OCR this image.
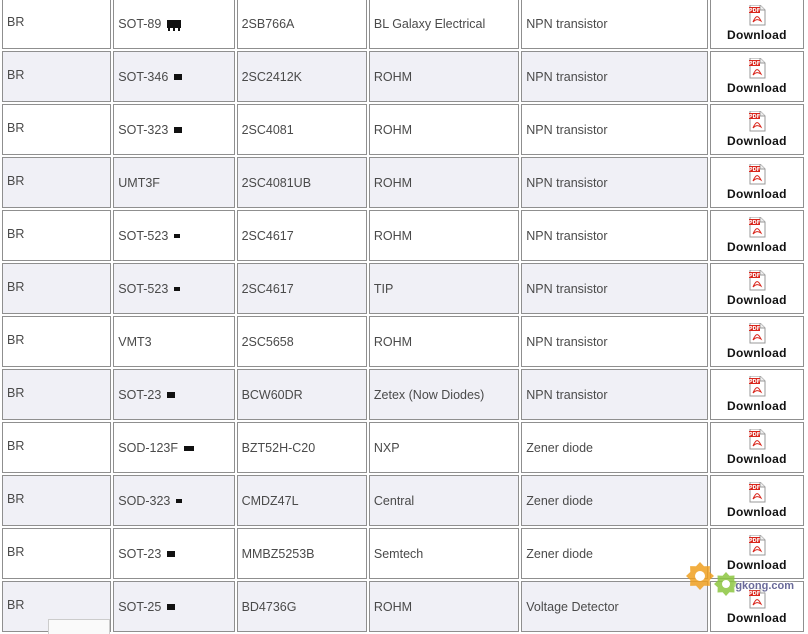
BR	SOT-89	2SB766A	BL Galaxy Electrical	NPN transistor	PDF
Download

BR	SOT-346	2SC2412K	ROHM	NPN transistor	PDF
Download

BR	SOT-323	2SC4081	ROHM	NPN transistor	PDF
Download

BR	UMT3F	2SC4081UB	ROHM	NPN transistor	PDF
Download

BR	SOT-523	2SC4617	ROHM	NPN transistor	PDF
Download

BR	SOT-523	2SC4617	TIP	NPN transistor	PDF
Download

BR	VMT3	2SC5658	ROHM	NPN transistor	PDF
Download

BR	SOT-23	BCW60DR	Zetex (Now Diodes)	NPN transistor	PDF
Download

BR	SOD-123F	BZT52H-C20	NXP	Zener diode	PDF
Download

BR	SOD-323	CMDZ47L	Central	Zener diode	PDF
Download

BR	SOT-23	MMBZ5253B	Semtech	Zener diode	PDF
Download

BR	SOT-25	BD4736G	ROHM	Voltage Detector	PDF
Download
gkong.com
